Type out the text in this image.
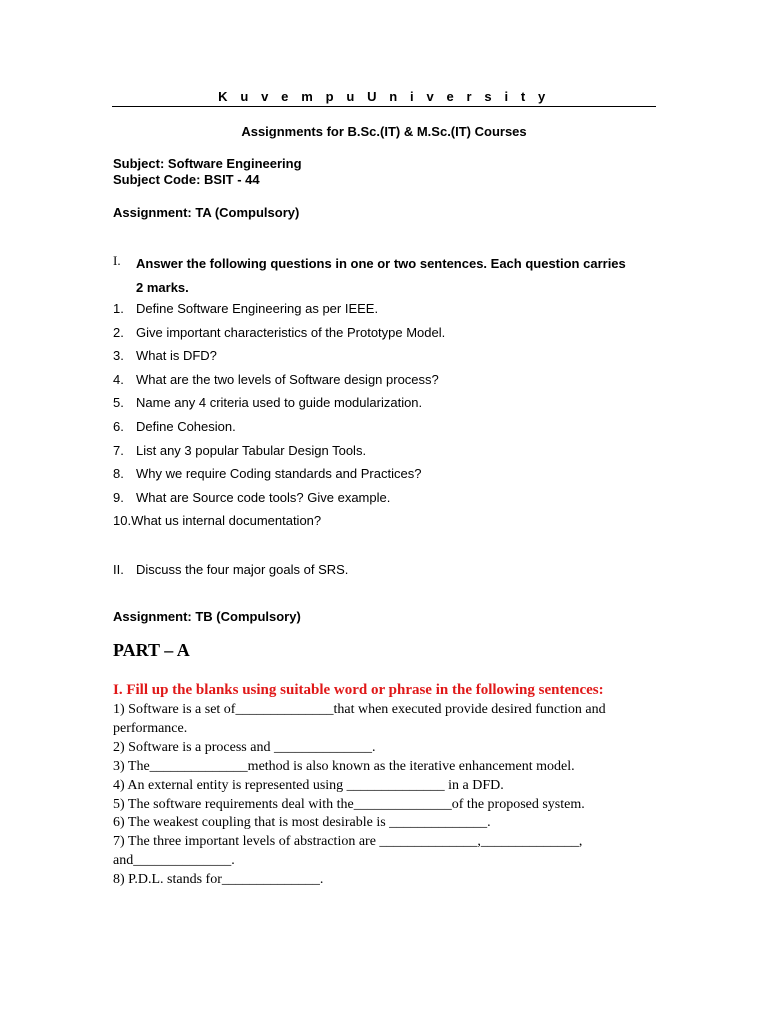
K u v e m p u U n i v e r s i t y
Assignments for B.Sc.(IT) & M.Sc.(IT) Courses
Subject: Software Engineering
Subject Code: BSIT - 44
Assignment: TA (Compulsory)
I. Answer the following questions in one or two sentences. Each question carries 2 marks.
1. Define Software Engineering as per IEEE.
2. Give important characteristics of the Prototype Model.
3. What is DFD?
4. What are the two levels of Software design process?
5. Name any 4 criteria used to guide modularization.
6. Define Cohesion.
7. List any 3 popular Tabular Design Tools.
8. Why we require Coding standards and Practices?
9. What are Source code tools? Give example.
10.What us internal documentation?
II. Discuss the four major goals of SRS.
Assignment: TB (Compulsory)
PART – A
I. Fill up the blanks using suitable word or phrase in the following sentences:
1) Software is a set of______________that when executed provide desired function and performance.
2) Software is a process and ______________.
3) The______________method is also known as the iterative enhancement model.
4) An external entity is represented using ______________ in a DFD.
5) The software requirements deal with the______________of the proposed system.
6) The weakest coupling that is most desirable is ______________.
7) The three important levels of abstraction are ______________,______________, and______________.
8) P.D.L. stands for______________.
